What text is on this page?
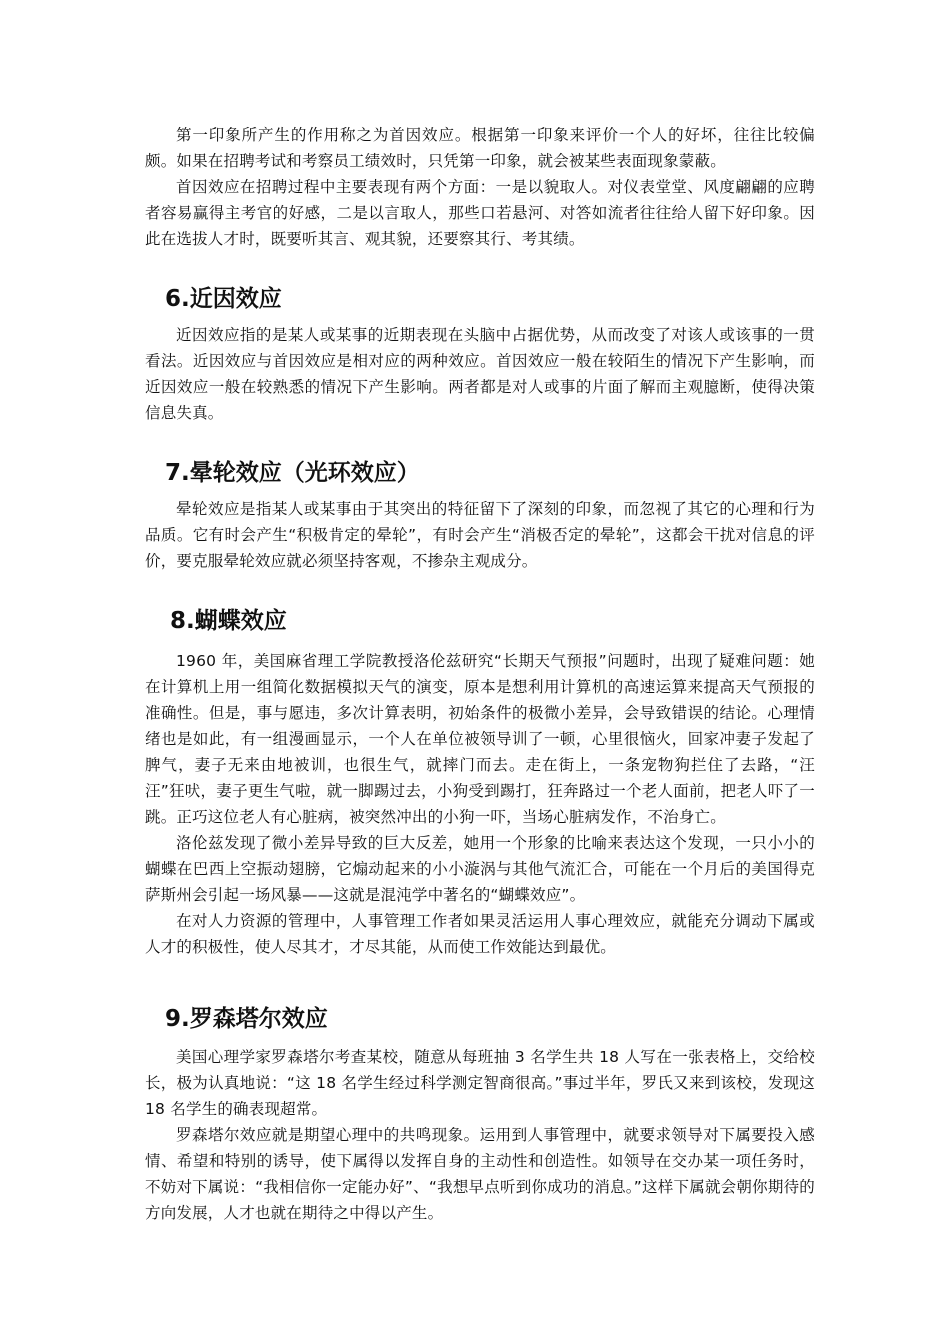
第一印象所产生的作用称之为首因效应。根据第一印象来评价一个人的好坏，往往比较偏颇。如果在招聘考试和考察员工绩效时，只凭第一印象，就会被某些表面现象蒙蔽。

首因效应在招聘过程中主要表现有两个方面：一是以貌取人。对仪表堂堂、风度翩翩的应聘者容易赢得主考官的好感，二是以言取人，那些口若悬河、对答如流者往往给人留下好印象。因此在选拔人才时，既要听其言、观其貌，还要察其行、考其绩。

6.近因效应

近因效应指的是某人或某事的近期表现在头脑中占据优势，从而改变了对该人或该事的一贯看法。近因效应与首因效应是相对应的两种效应。首因效应一般在较陌生的情况下产生影响，而近因效应一般在较熟悉的情况下产生影响。两者都是对人或事的片面了解而主观臆断，使得决策信息失真。

7.晕轮效应（光环效应）

晕轮效应是指某人或某事由于其突出的特征留下了深刻的印象，而忽视了其它的心理和行为品质。它有时会产生“积极肯定的晕轮”，有时会产生“消极否定的晕轮”，这都会干扰对信息的评价，要克服晕轮效应就必须坚持客观，不掺杂主观成分。

8.蝴蝶效应

1960 年，美国麻省理工学院教授洛伦兹研究“长期天气预报”问题时，出现了疑难问题：她在计算机上用一组简化数据模拟天气的演变，原本是想利用计算机的高速运算来提高天气预报的准确性。但是，事与愿违，多次计算表明，初始条件的极微小差异，会导致错误的结论。心理情绪也是如此，有一组漫画显示，一个人在单位被领导训了一顿，心里很恼火，回家冲妻子发起了脾气，妻子无来由地被训，也很生气，就摔门而去。走在街上，一条宠物狗拦住了去路，“汪汪”狂吠，妻子更生气啦，就一脚踢过去，小狗受到踢打，狂奔路过一个老人面前，把老人吓了一跳。正巧这位老人有心脏病，被突然冲出的小狗一吓，当场心脏病发作，不治身亡。

洛伦兹发现了微小差异导致的巨大反差，她用一个形象的比喻来表达这个发现，一只小小的蝴蝶在巴西上空振动翅膀，它煽动起来的小小漩涡与其他气流汇合，可能在一个月后的美国得克萨斯州会引起一场风暴——这就是混沌学中著名的“蝴蝶效应”。

在对人力资源的管理中，人事管理工作者如果灵活运用人事心理效应，就能充分调动下属或人才的积极性，使人尽其才，才尽其能，从而使工作效能达到最优。

9.罗森塔尔效应

美国心理学家罗森塔尔考查某校，随意从每班抽 3 名学生共 18 人写在一张表格上，交给校长，极为认真地说：“这 18 名学生经过科学测定智商很高。”事过半年，罗氏又来到该校，发现这 18 名学生的确表现超常。

罗森塔尔效应就是期望心理中的共鸣现象。运用到人事管理中，就要求领导对下属要投入感情、希望和特别的诱导，使下属得以发挥自身的主动性和创造性。如领导在交办某一项任务时，不妨对下属说：“我相信你一定能办好”、“我想早点听到你成功的消息。”这样下属就会朝你期待的方向发展，人才也就在期待之中得以产生。
